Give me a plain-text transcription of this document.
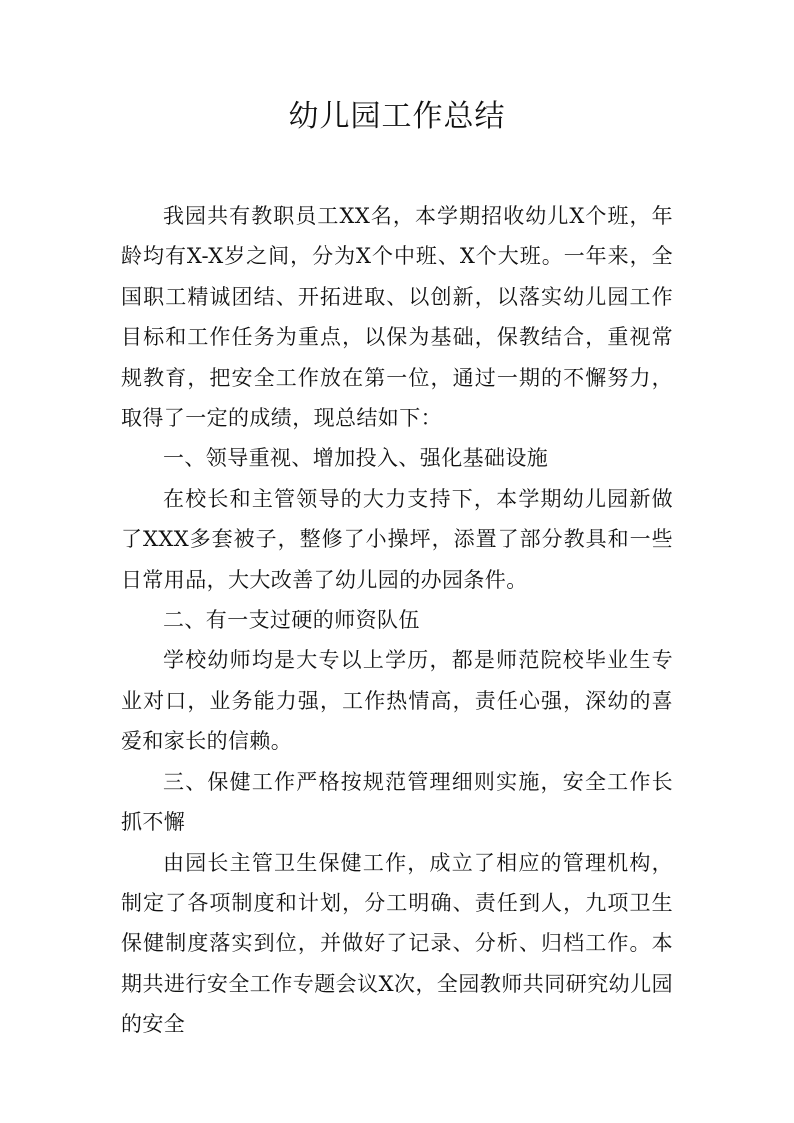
幼儿园工作总结

我园共有教职员工XX名，本学期招收幼儿X个班，年龄均有X-X岁之间，分为X个中班、X个大班。一年来，全国职工精诚团结、开拓进取、以创新，以落实幼儿园工作目标和工作任务为重点，以保为基础，保教结合，重视常规教育，把安全工作放在第一位，通过一期的不懈努力，取得了一定的成绩，现总结如下：

一、领导重视、增加投入、强化基础设施

在校长和主管领导的大力支持下，本学期幼儿园新做了XXX多套被子，整修了小操坪，添置了部分教具和一些日常用品，大大改善了幼儿园的办园条件。

二、有一支过硬的师资队伍

学校幼师均是大专以上学历，都是师范院校毕业生专业对口，业务能力强，工作热情高，责任心强，深幼的喜爱和家长的信赖。

三、保健工作严格按规范管理细则实施，安全工作长抓不懈

由园长主管卫生保健工作，成立了相应的管理机构，制定了各项制度和计划，分工明确、责任到人，九项卫生保健制度落实到位，并做好了记录、分析、归档工作。本期共进行安全工作专题会议X次，全园教师共同研究幼儿园的安全
